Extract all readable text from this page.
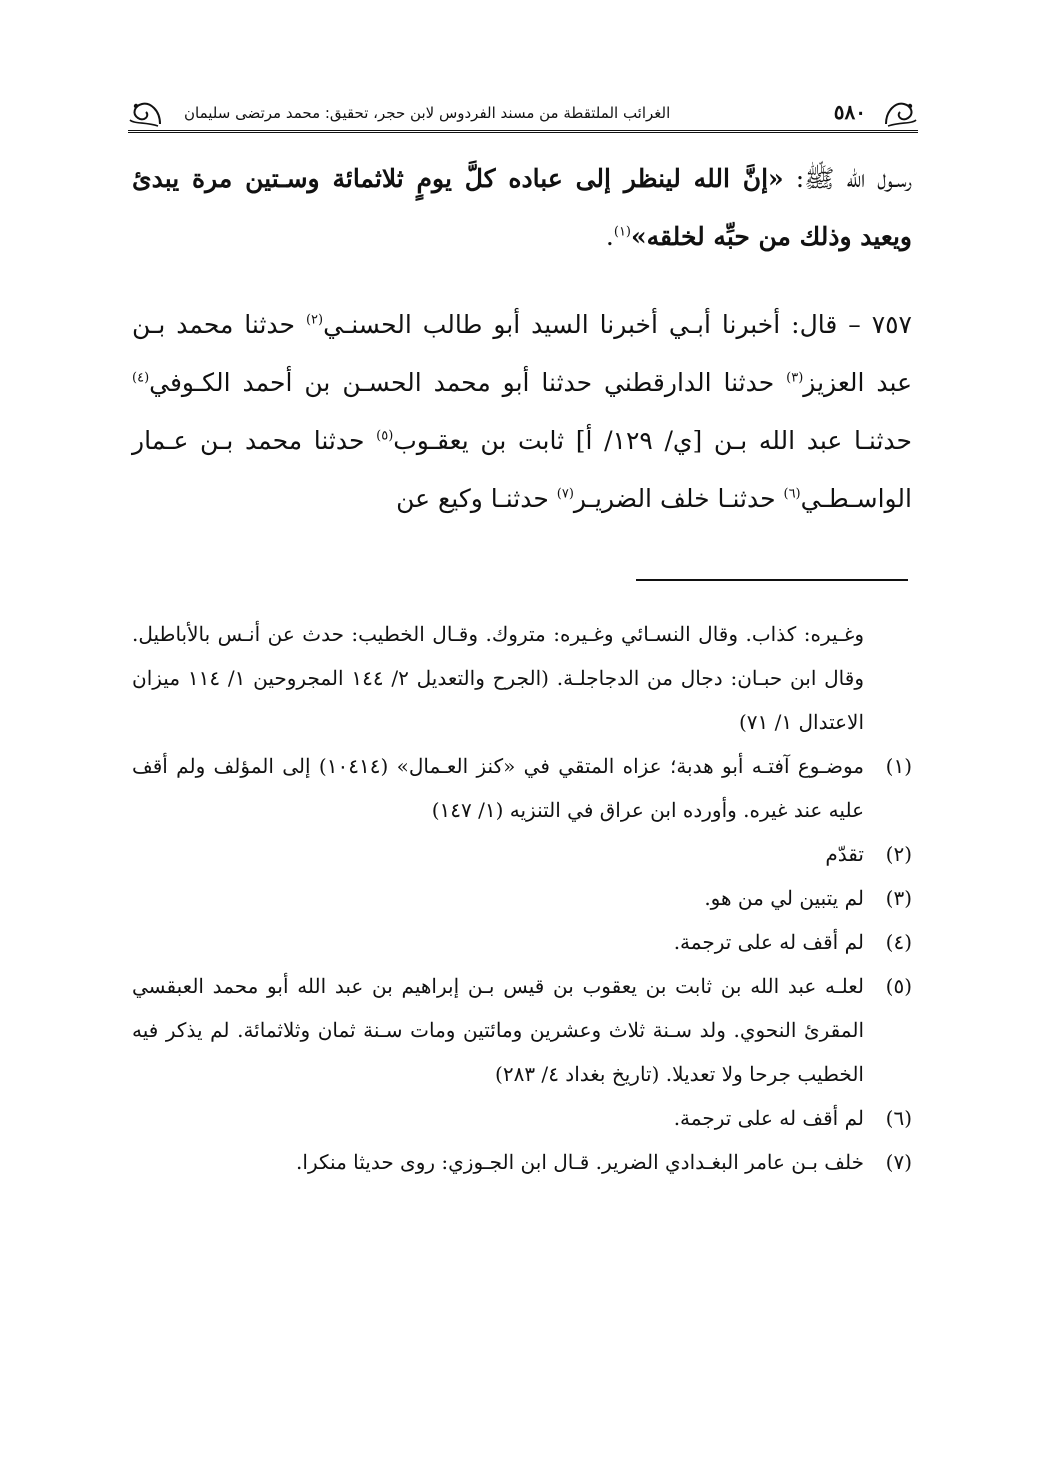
٥٨٠
الغرائب الملتقطة من مسند الفردوس لابن حجر، تحقيق: محمد مرتضى سليمان

رسـول الله ﷺ: «إنَّ الله لينظر إلى عباده كلَّ يومٍ ثلاثمائة وسـتين مرة يبدئ ويعيد وذلك من حبِّه لخلقه»$^{(١)}$.

٧٥٧ – قال: أخبرنا أبـي أخبرنا السيد أبو طالب الحسنـي$^{(٢)}$ حدثنا محمد بـن عبد العزيز$^{(٣)}$ حدثنا الدارقطني حدثنا أبو محمد الحسـن بن أحمد الكـوفي$^{(٤)}$ حدثنـا عبد الله بـن [ي/ ١٢٩/ أ] ثابت بن يعقـوب$^{(٥)}$ حدثنا محمد بـن عـمار الواسـطـي$^{(٦)}$ حدثنـا خلف الضريـر$^{(٧)}$ حدثنـا وكيع عن

وغـيره: كذاب. وقال النسـائي وغـيره: متروك. وقـال الخطيب: حدث عن أنـس بالأباطيل. وقال ابن حبـان: دجال من الدجاجلـة. (الجرح والتعديل ٢/ ١٤٤ المجروحين ١/ ١١٤ ميزان الاعتدال ١/ ٧١)
(١)
موضـوع آفتـه أبو هدبة؛ عزاه المتقي في «كنز العـمال» (١٠٤١٤) إلى المؤلف ولم أقف عليه عند غيره. وأورده ابن عراق في التنزيه (١/ ١٤٧)
(٢)
تقدّم
(٣)
لم يتبين لي من هو.
(٤)
لم أقف له على ترجمة.
(٥)
لعلـه عبد الله بن ثابت بن يعقوب بن قيس بـن إبراهيم بن عبد الله أبو محمد العبقسي المقرئ النحوي. ولد سـنة ثلاث وعشرين ومائتين ومات سـنة ثمان وثلاثمائة. لم يذكر فيه الخطيب جرحا ولا تعديلا. (تاريخ بغداد ٤/ ٢٨٣)
(٦)
لم أقف له على ترجمة.
(٧)
خلف بـن عامر البغـدادي الضرير. قـال ابن الجـوزي: روى حديثا منكرا.
